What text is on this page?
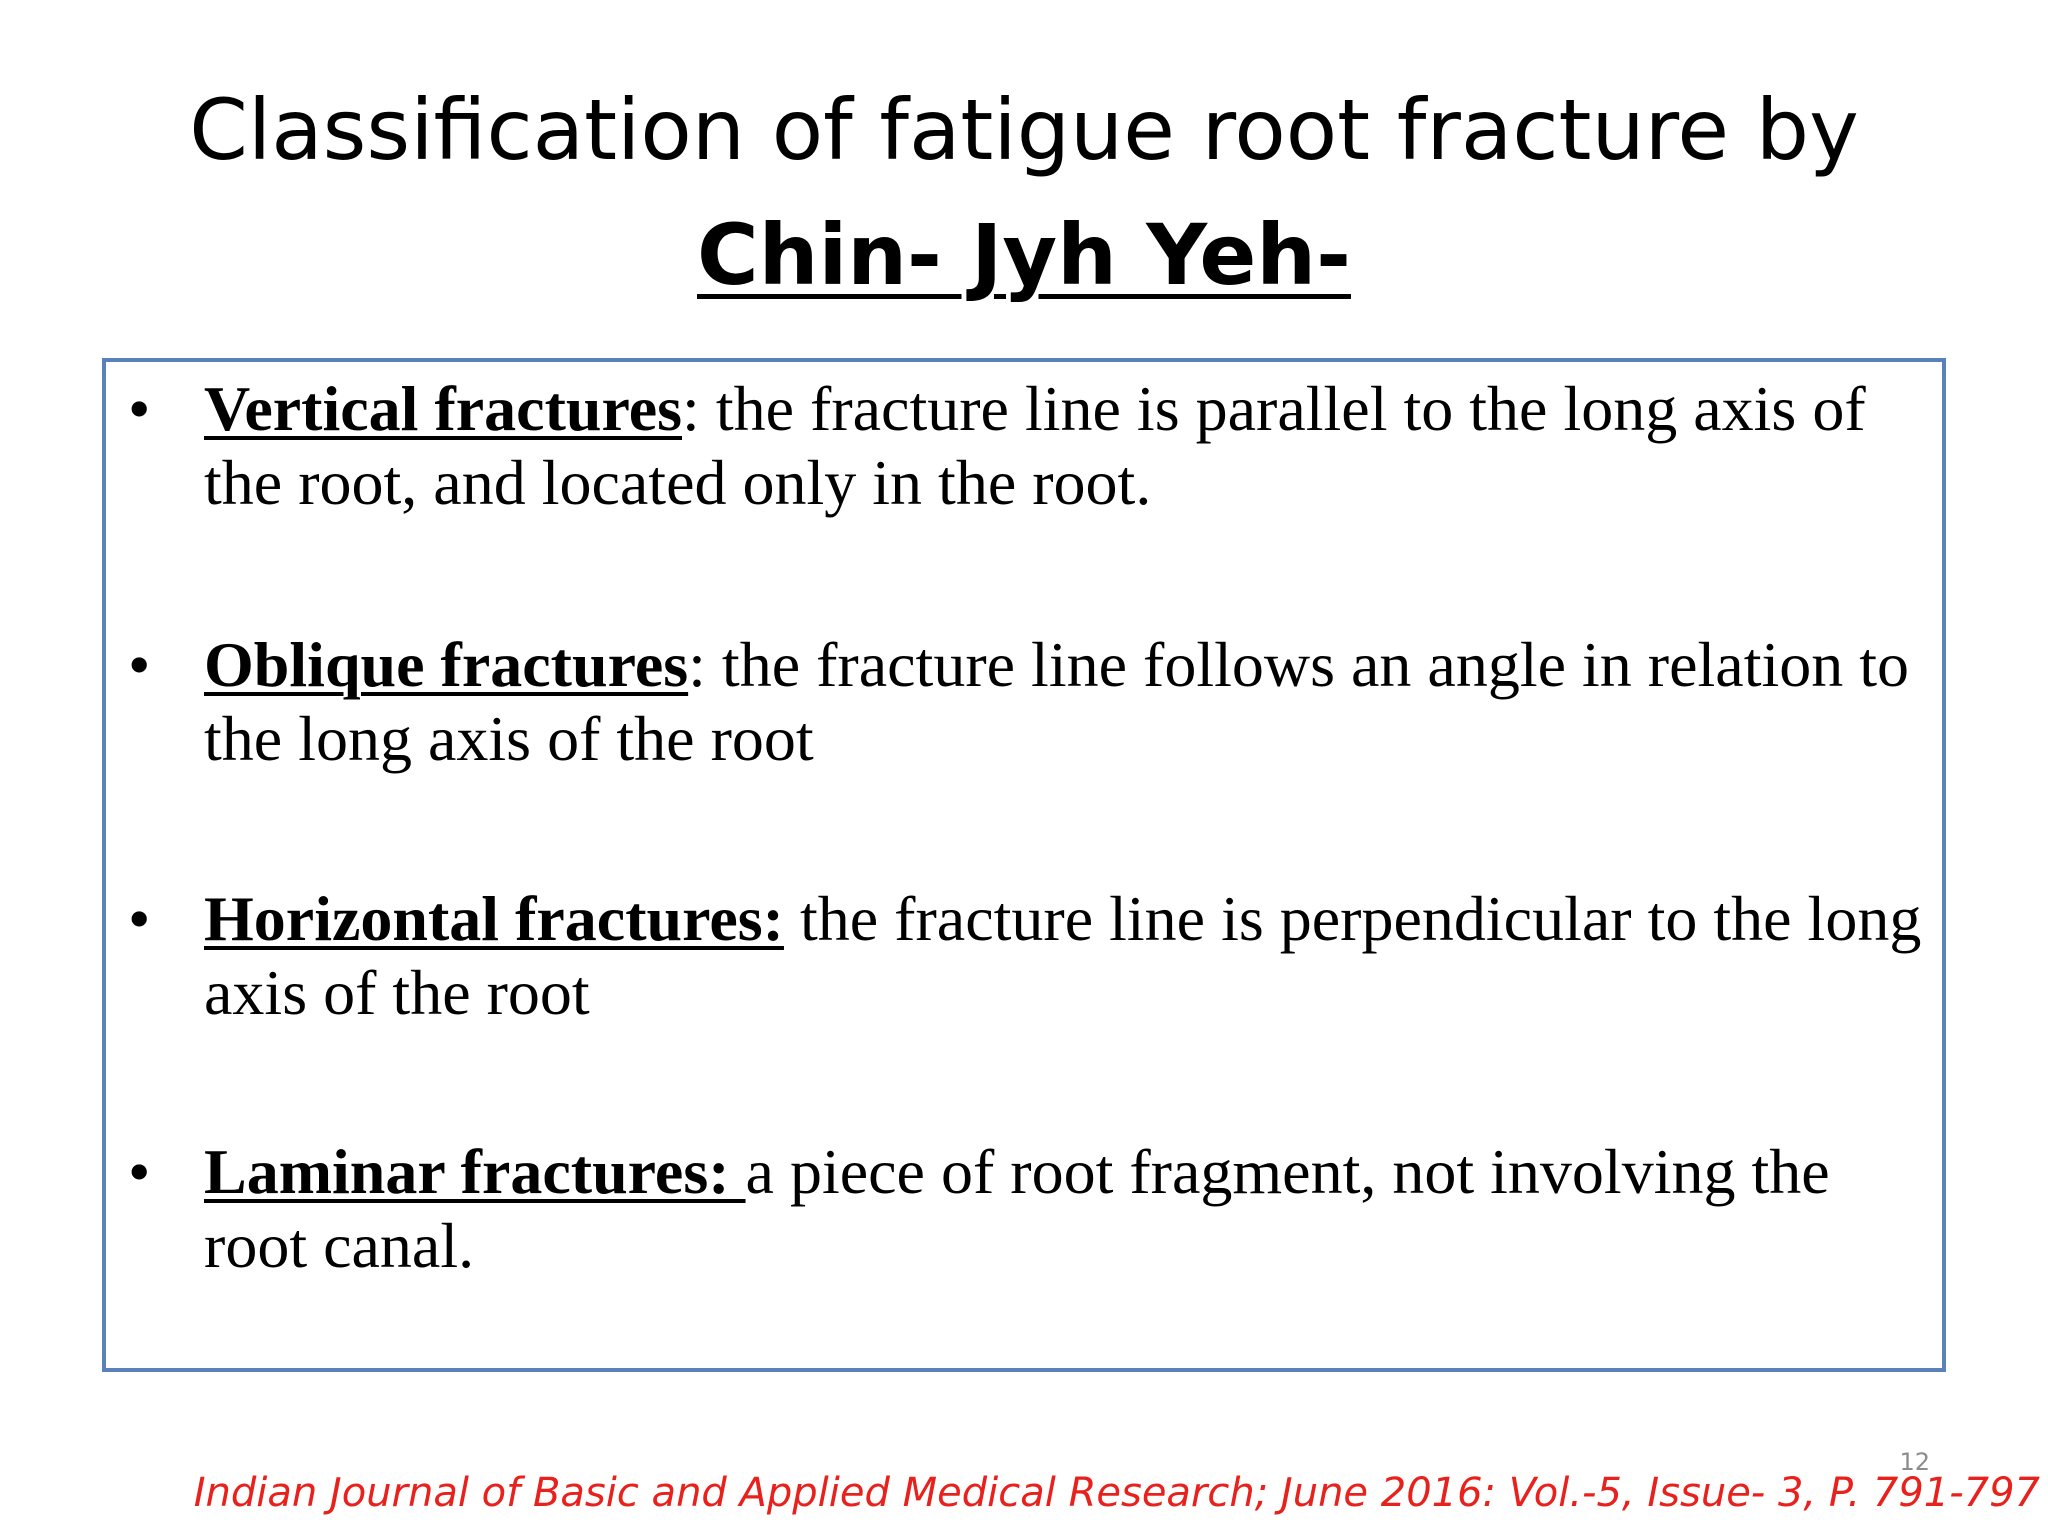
Classification of fatigue root fracture by
Chin- Jyh Yeh-
• Vertical fractures: the fracture line is parallel to the long axis of the root, and located only in the root.
• Oblique fractures: the fracture line follows an angle in relation to the long axis of the root
• Horizontal fractures: the fracture line is perpendicular to the long axis of the root
• Laminar fractures: a piece of root fragment, not involving the root canal.
12
Indian Journal of Basic and Applied Medical Research; June 2016: Vol.-5, Issue- 3, P. 791-797
